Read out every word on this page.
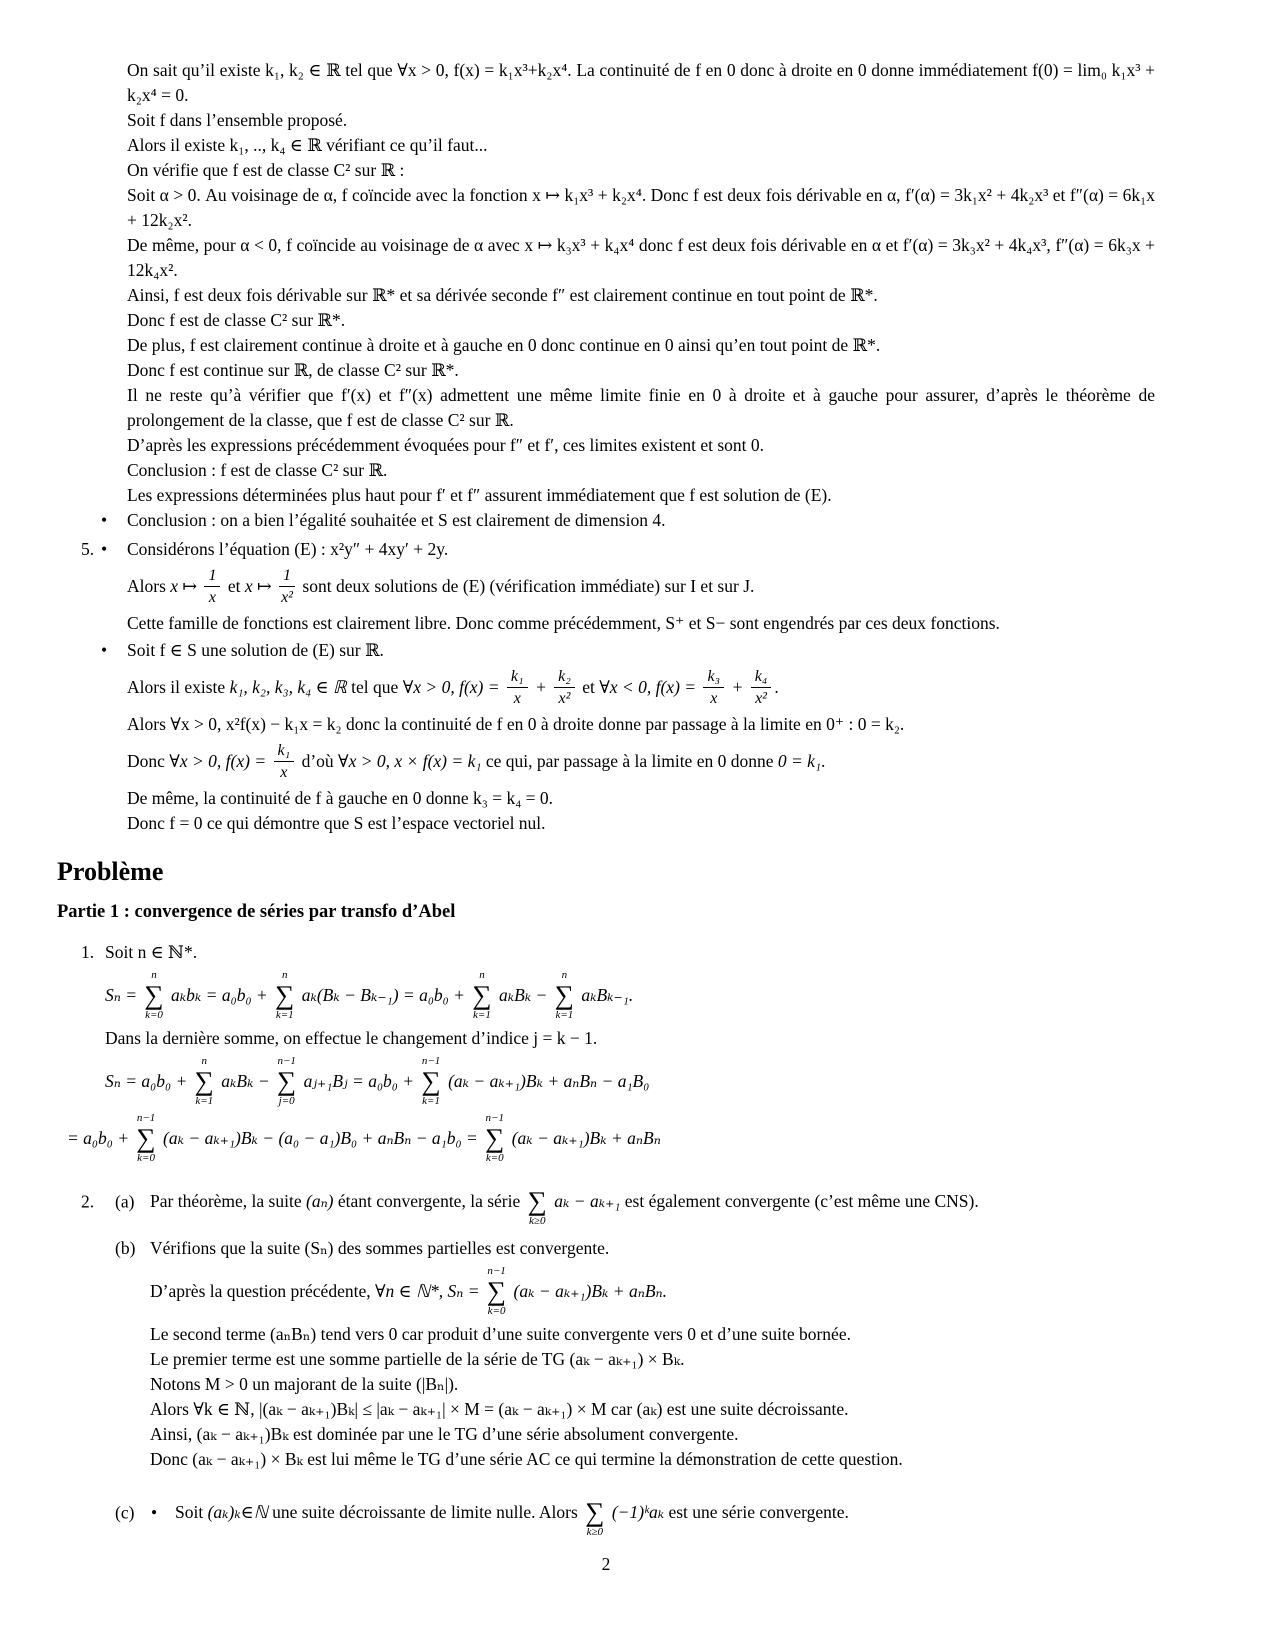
On sait qu’il existe k₁, k₂ ∈ ℝ tel que ∀x > 0, f(x) = k₁x³+k₂x⁴. La continuité de f en 0 donc à droite en 0 donne immédiatement f(0) = lim₀ k₁x³ + k₂x⁴ = 0.
Soit f dans l’ensemble proposé.
Alors il existe k₁, .., k₄ ∈ ℝ vérifiant ce qu’il faut...
On vérifie que f est de classe C² sur ℝ :
Soit α > 0. Au voisinage de α, f coïncide avec la fonction x ↦ k₁x³ + k₂x⁴. Donc f est deux fois dérivable en α, f′(α) = 3k₁x² + 4k₂x³ et f″(α) = 6k₁x + 12k₂x².
De même, pour α < 0, f coïncide au voisinage de α avec x ↦ k₃x³ + k₄x⁴ donc f est deux fois dérivable en α et f′(α) = 3k₃x² + 4k₄x³, f″(α) = 6k₃x + 12k₄x².
Ainsi, f est deux fois dérivable sur ℝ* et sa dérivée seconde f″ est clairement continue en tout point de ℝ*.
Donc f est de classe C² sur ℝ*.
De plus, f est clairement continue à droite et à gauche en 0 donc continue en 0 ainsi qu’en tout point de ℝ*.
Donc f est continue sur ℝ, de classe C² sur ℝ*.
Il ne reste qu’à vérifier que f′(x) et f″(x) admettent une même limite finie en 0 à droite et à gauche pour assurer, d’après le théorème de prolongement de la classe, que f est de classe C² sur ℝ.
D’après les expressions précédemment évoquées pour f″ et f′, ces limites existent et sont 0.
Conclusion : f est de classe C² sur ℝ.
Les expressions déterminées plus haut pour f′ et f″ assurent immédiatement que f est solution de (E).
• Conclusion : on a bien l’égalité souhaitée et S est clairement de dimension 4.
5. • Considérons l’équation (E) : x²y″ + 4xy′ + 2y.
Alors x ↦ $\frac{1}{x}$ et x ↦ $\frac{1}{\text{x²}}$ sont deux solutions de (E) (vérification immédiate) sur I et sur J.
Cette famille de fonctions est clairement libre. Donc comme précédemment, S⁺ et S− sont engendrés par ces deux fonctions.
• Soit f ∈ S une solution de (E) sur ℝ.
Alors il existe k₁, k₂, k₃, k₄ ∈ ℝ tel que ∀x > 0, $f(x) = \frac{\text{k₁}}{x} + \frac{\text{k₂}}{\text{x²}}$ et ∀x < 0, $f(x) = \frac{\text{k₃}}{x} + \frac{\text{k₄}}{\text{x²}}$ .
Alors ∀x > 0, x²f(x) − k₁x = k₂ donc la continuité de f en 0 à droite donne par passage à la limite en 0⁺ : 0 = k₂.
Donc ∀x > 0, $f(x) = \frac{\text{k₁}}{x}$ d’où ∀x > 0, x × f(x) = k₁ ce qui, par passage à la limite en 0 donne 0 = k₁ .
De même, la continuité de f à gauche en 0 donne k₃ = k₄ = 0.
Donc f = 0 ce qui démontre que S est l’espace vectoriel nul.
Problème
Partie 1 : convergence de séries par transfo d’Abel
1. Soit n ∈ ℕ*.
Sₙ =
n
∑
k=0
aₖbₖ = a₀b₀ +
n
∑
k=1
aₖ(Bₖ − Bₖ₋₁) = a₀b₀ +
n
∑
k=1
aₖBₖ −
n
∑
k=1
aₖBₖ₋₁.
Dans la dernière somme, on effectue le changement d’indice j = k − 1.
Sₙ = a₀b₀ +
n
∑
k=1
aₖBₖ −
n−1
∑
j=0
aⱼ₊₁Bⱼ = a₀b₀ +
n−1
∑
k=1
(aₖ − aₖ₊₁)Bₖ + aₙBₙ − a₁B₀
= a₀b₀ +
n−1
∑
k=0
(aₖ − aₖ₊₁)Bₖ − (a₀ − a₁)B₀ + aₙBₙ − a₁b₀ =
n−1
∑
k=0
(aₖ − aₖ₊₁)Bₖ + aₙBₙ
2. (a) Par théorème, la suite (aₙ) étant convergente, la série
∑
k≥0
aₖ − aₖ₊₁ est également convergente (c’est même une CNS).
(b) Vérifions que la suite (Sₙ) des sommes partielles est convergente.
D’après la question précédente, ∀n ∈ ℕ*, Sₙ =
n−1
∑
k=0
(aₖ − aₖ₊₁)Bₖ + aₙBₙ.
Le second terme (aₙBₙ) tend vers 0 car produit d’une suite convergente vers 0 et d’une suite bornée.
Le premier terme est une somme partielle de la série de TG (aₖ − aₖ₊₁) × Bₖ.
Notons M > 0 un majorant de la suite (|Bₙ|).
Alors ∀k ∈ ℕ, |(aₖ − aₖ₊₁)Bₖ| ≤ |aₖ − aₖ₊₁| × M = (aₖ − aₖ₊₁) × M car (aₖ) est une suite décroissante.
Ainsi, (aₖ − aₖ₊₁)Bₖ est dominée par une le TG d’une série absolument convergente.
Donc (aₖ − aₖ₊₁) × Bₖ est lui même le TG d’une série AC ce qui termine la démonstration de cette question.
(c) • Soit (aₖ)ₖ∈ℕ une suite décroissante de limite nulle. Alors
∑
k≥0
(−1)ᵏaₖ est une série convergente.
2
